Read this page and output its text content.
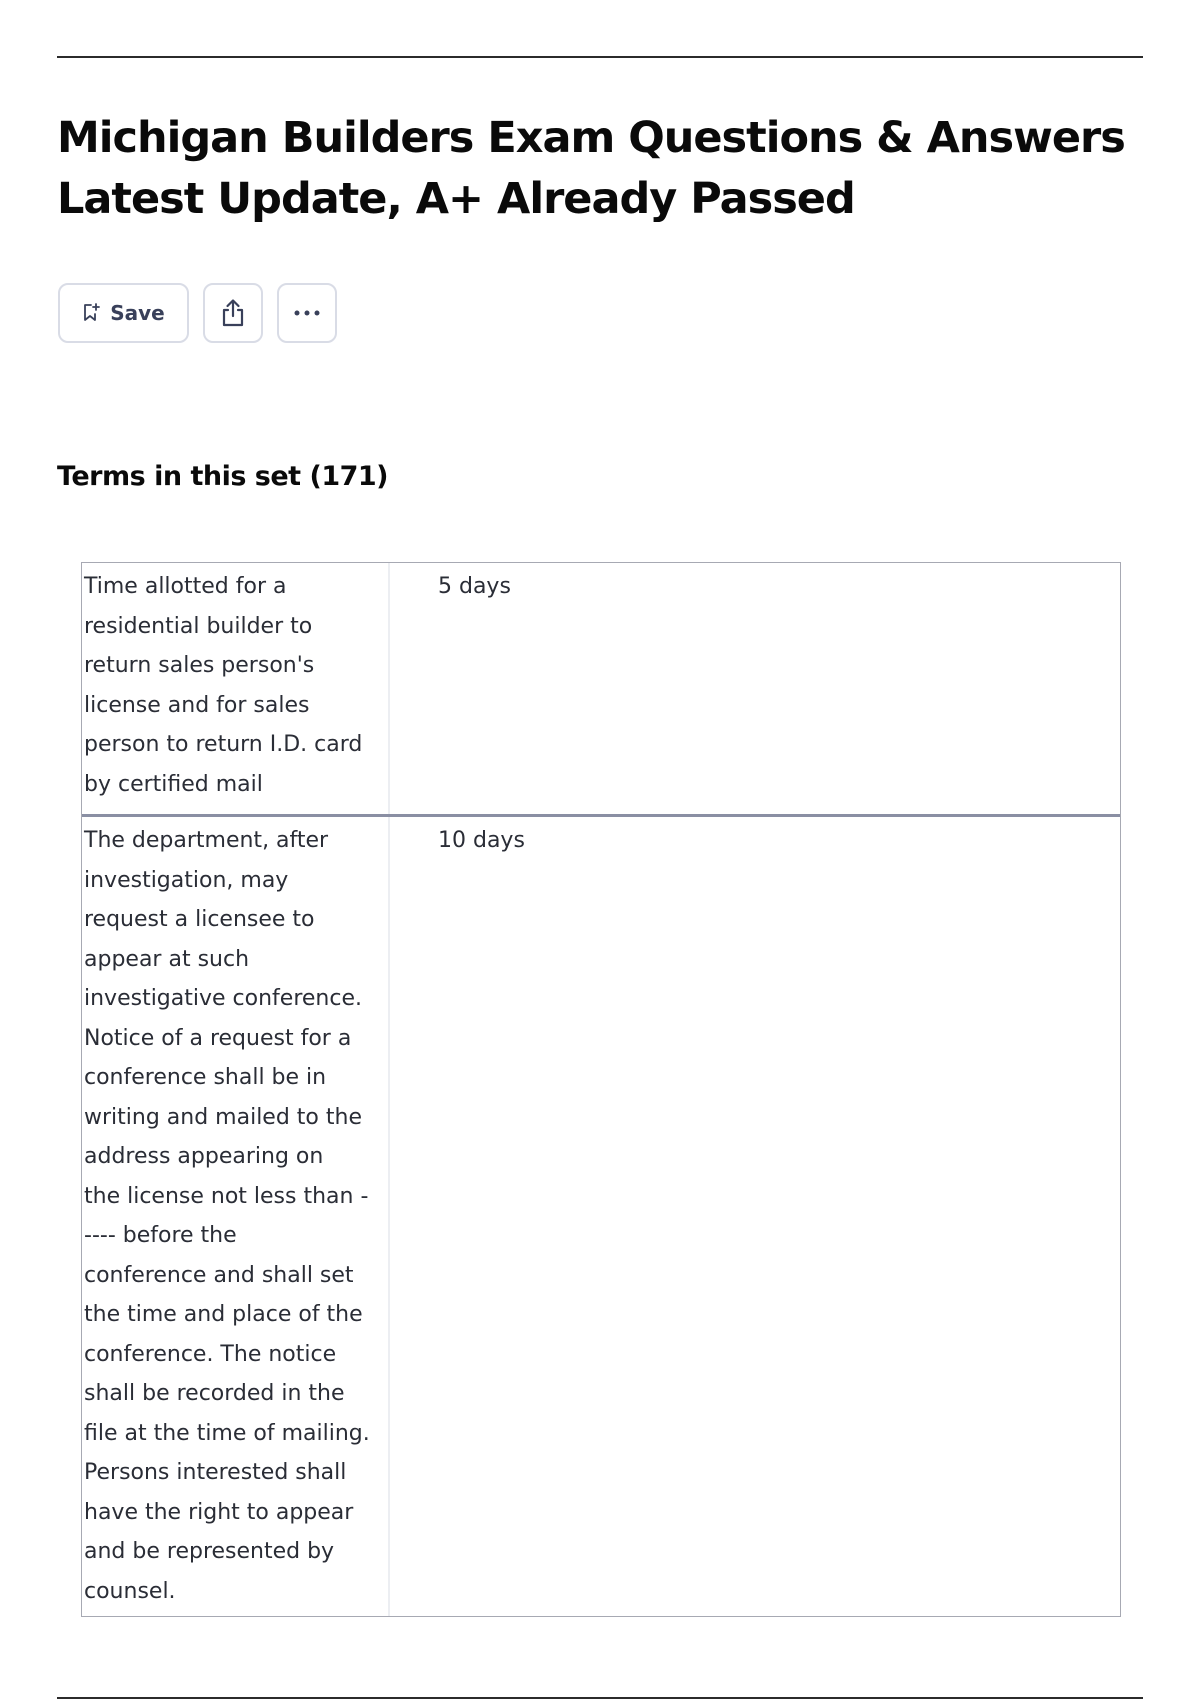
Michigan Builders Exam Questions & Answers Latest Update, A+ Already Passed
Save
Terms in this set (171)
Time allotted for a
residential builder to
return sales person's
license and for sales
person to return I.D. card
by certified mail
5 days
The department, after
investigation, may
request a licensee to
appear at such
investigative conference.
Notice of a request for a
conference shall be in
writing and mailed to the
address appearing on
the license not less than -
---- before the
conference and shall set
the time and place of the
conference. The notice
shall be recorded in the
file at the time of mailing.
Persons interested shall
have the right to appear
and be represented by
counsel.
10 days
